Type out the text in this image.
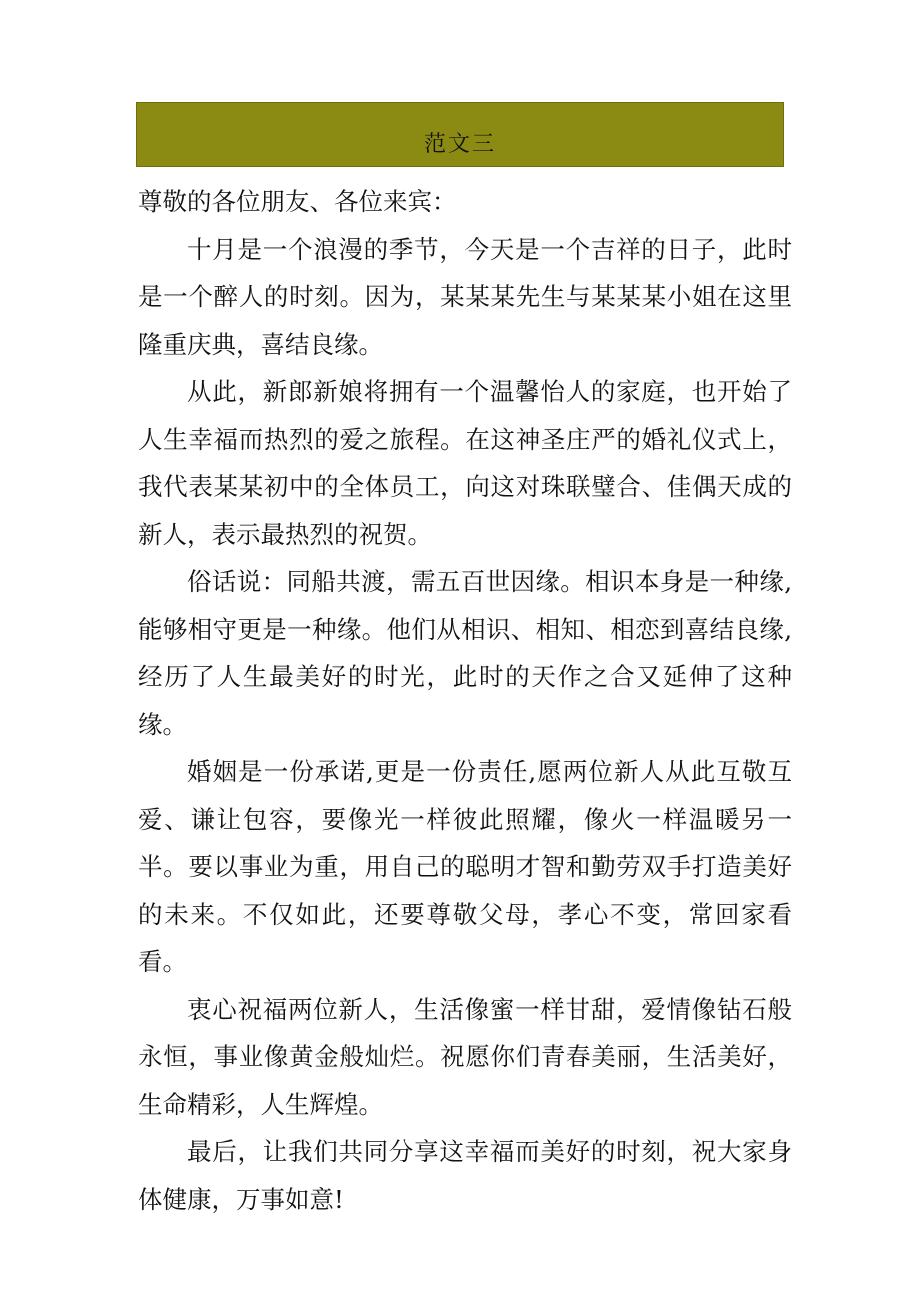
范文三

尊敬的各位朋友、各位来宾：

十月是一个浪漫的季节，今天是一个吉祥的日子，此时是一个醉人的时刻。因为，某某某先生与某某某小姐在这里隆重庆典，喜结良缘。

从此，新郎新娘将拥有一个温馨怡人的家庭，也开始了人生幸福而热烈的爱之旅程。在这神圣庄严的婚礼仪式上，我代表某某初中的全体员工，向这对珠联璧合、佳偶天成的新人，表示最热烈的祝贺。

俗话说：同船共渡，需五百世因缘。相识本身是一种缘,能够相守更是一种缘。他们从相识、相知、相恋到喜结良缘,经历了人生最美好的时光，此时的天作之合又延伸了这种缘。

婚姻是一份承诺,更是一份责任,愿两位新人从此互敬互爱、谦让包容，要像光一样彼此照耀，像火一样温暖另一半。要以事业为重，用自己的聪明才智和勤劳双手打造美好的未来。不仅如此，还要尊敬父母，孝心不变，常回家看看。

衷心祝福两位新人，生活像蜜一样甘甜，爱情像钻石般永恒，事业像黄金般灿烂。祝愿你们青春美丽，生活美好，生命精彩，人生辉煌。

最后，让我们共同分享这幸福而美好的时刻，祝大家身体健康，万事如意!
